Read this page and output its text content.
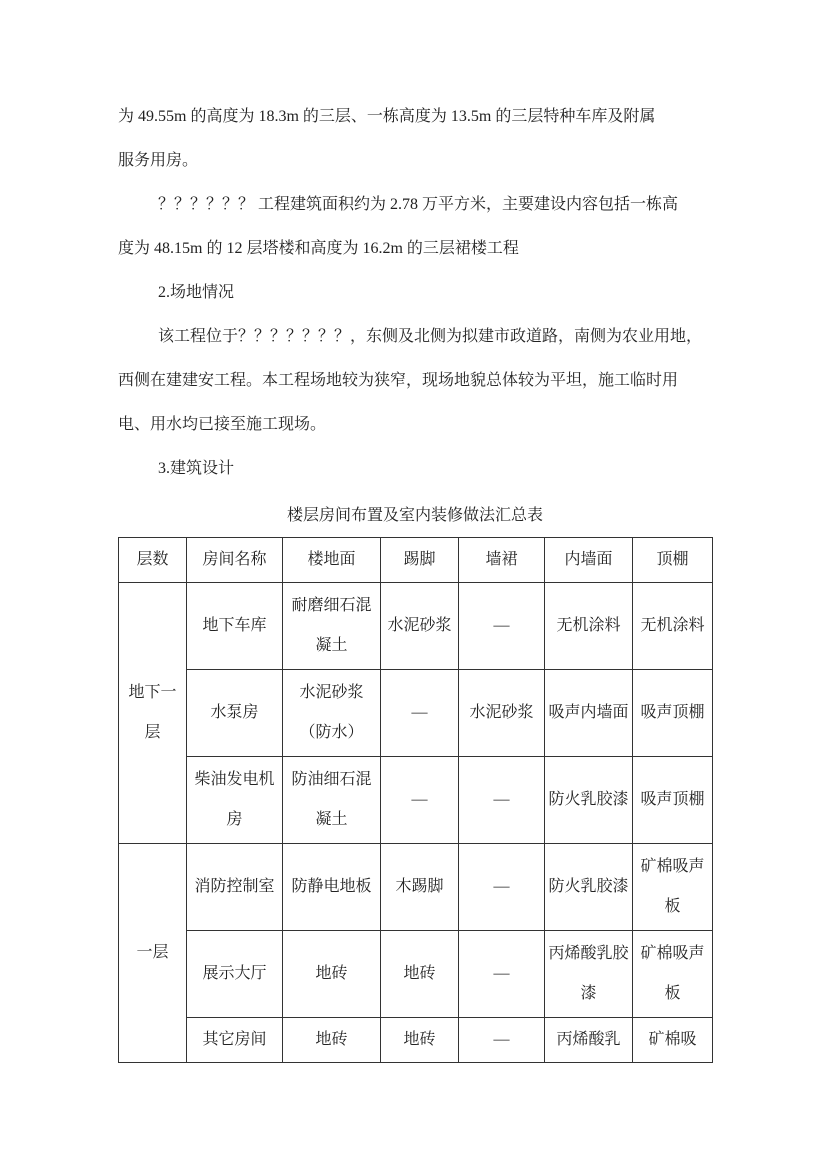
为 49.55m 的高度为 18.3m 的三层、一栋高度为 13.5m 的三层特种车库及附属

服务用房。

？？？？？？ 工程建筑面积约为 2.78 万平方米，主要建设内容包括一栋高

度为 48.15m 的 12 层塔楼和高度为 16.2m 的三层裙楼工程

2.场地情况

该工程位于？？？？？？？，东侧及北侧为拟建市政道路，南侧为农业用地，

西侧在建建安工程。本工程场地较为狭窄，现场地貌总体较为平坦，施工临时用

电、用水均已接至施工现场。

3.建筑设计

楼层房间布置及室内装修做法汇总表
层数	房间名称	楼地面	踢脚	墙裙	内墙面	顶棚
地下一层	地下车库	耐磨细石混凝土	水泥砂浆	—	无机涂料	无机涂料
	水泵房	水泥砂浆（防水）	—	水泥砂浆	吸声内墙面	吸声顶棚
	柴油发电机房	防油细石混凝土	—	—	防火乳胶漆	吸声顶棚
一层	消防控制室	防静电地板	木踢脚	—	防火乳胶漆	矿棉吸声板
	展示大厅	地砖	地砖	—	丙烯酸乳胶漆	矿棉吸声板
	其它房间	地砖	地砖	—	丙烯酸乳	矿棉吸
